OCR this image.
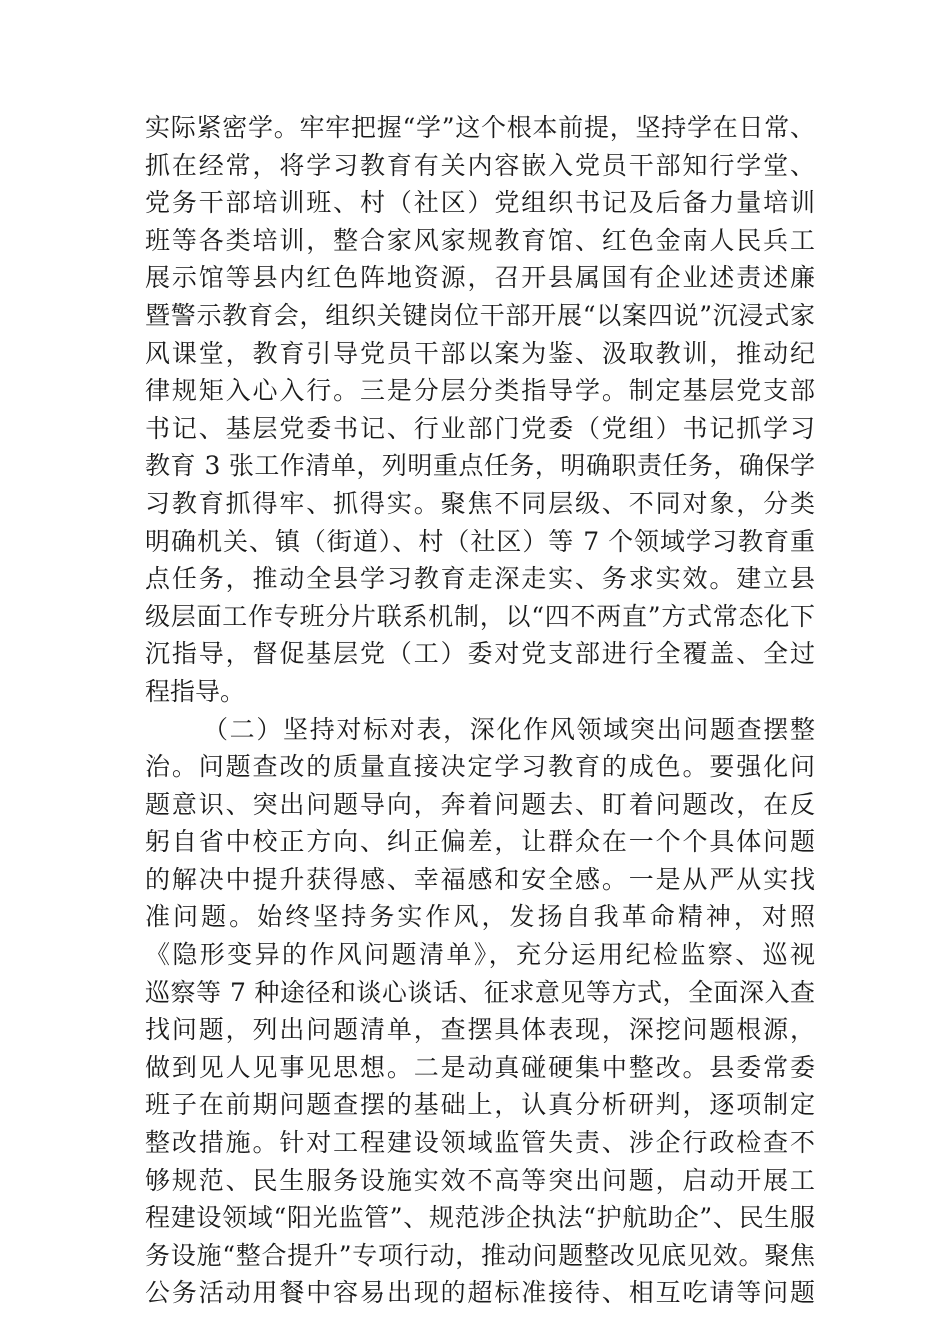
实际紧密学。牢牢把握“学”这个根本前提，坚持学在日常、
抓在经常，将学习教育有关内容嵌入党员干部知行学堂、
党务干部培训班、村（社区）党组织书记及后备力量培训
班等各类培训，整合家风家规教育馆、红色金南人民兵工
展示馆等县内红色阵地资源，召开县属国有企业述责述廉
暨警示教育会，组织关键岗位干部开展“以案四说”沉浸式家
风课堂，教育引导党员干部以案为鉴、汲取教训，推动纪
律规矩入心入行。三是分层分类指导学。制定基层党支部
书记、基层党委书记、行业部门党委（党组）书记抓学习
教育 3 张工作清单，列明重点任务，明确职责任务，确保学
习教育抓得牢、抓得实。聚焦不同层级、不同对象，分类
明确机关、镇（街道）、村（社区）等 7 个领域学习教育重
点任务，推动全县学习教育走深走实、务求实效。建立县
级层面工作专班分片联系机制，以“四不两直”方式常态化下
沉指导，督促基层党（工）委对党支部进行全覆盖、全过
程指导。
（二）坚持对标对表，深化作风领域突出问题查摆整
治。问题查改的质量直接决定学习教育的成色。要强化问
题意识、突出问题导向，奔着问题去、盯着问题改，在反
躬自省中校正方向、纠正偏差，让群众在一个个具体问题
的解决中提升获得感、幸福感和安全感。一是从严从实找
准问题。始终坚持务实作风，发扬自我革命精神，对照
《隐形变异的作风问题清单》，充分运用纪检监察、巡视
巡察等 7 种途径和谈心谈话、征求意见等方式，全面深入查
找问题，列出问题清单，查摆具体表现，深挖问题根源，
做到见人见事见思想。二是动真碰硬集中整改。县委常委
班子在前期问题查摆的基础上，认真分析研判，逐项制定
整改措施。针对工程建设领域监管失责、涉企行政检查不
够规范、民生服务设施实效不高等突出问题，启动开展工
程建设领域“阳光监管”、规范涉企执法“护航助企”、民生服
务设施“整合提升”专项行动，推动问题整改见底见效。聚焦
公务活动用餐中容易出现的超标准接待、相互吃请等问题
